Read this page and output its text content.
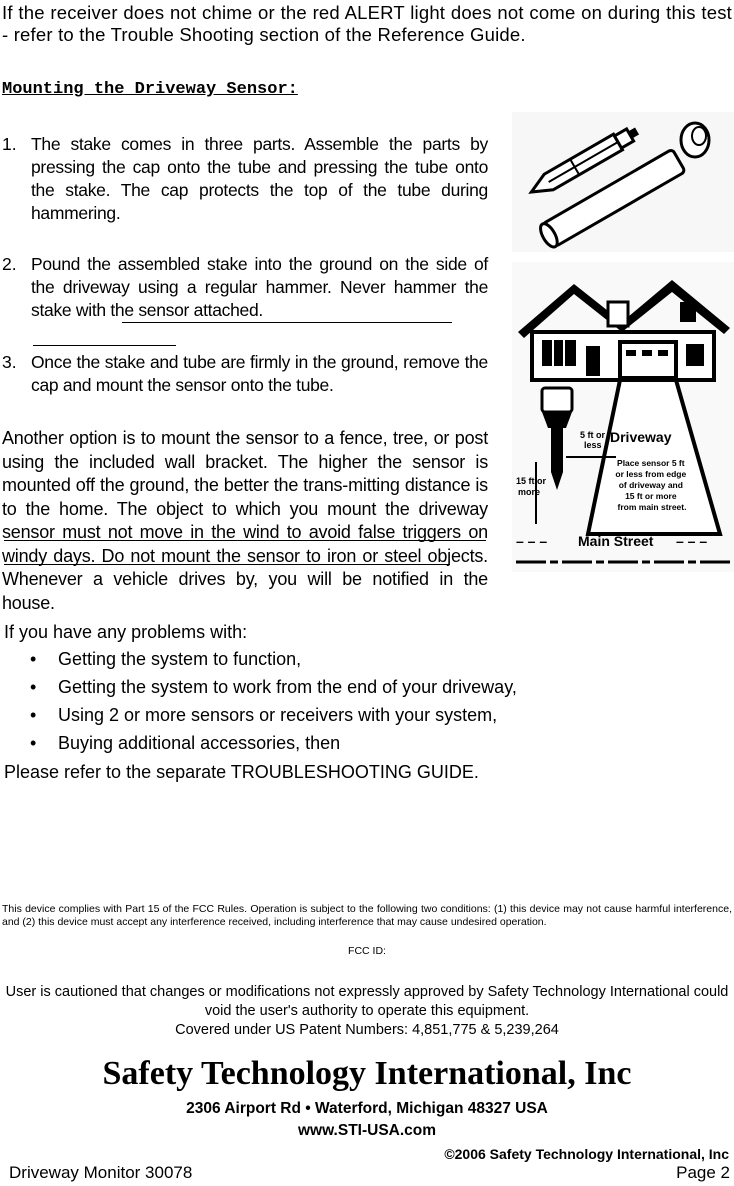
If the receiver does not chime or the red ALERT light does not come on during this test - refer to the Trouble Shooting section of the Reference Guide.
Mounting the Driveway Sensor:
1. The stake comes in three parts. Assemble the parts by pressing the cap onto the tube and pressing the tube onto the stake. The cap protects the top of the tube during hammering.
2. Pound the assembled stake into the ground on the side of the driveway using a regular hammer. Never hammer the stake with the sensor attached.
3. Once the stake and tube are firmly in the ground, remove the cap and mount the sensor onto the tube.
Another option is to mount the sensor to a fence, tree, or post using the included wall bracket. The higher the sensor is mounted off the ground, the better the trans-mitting distance is to the home. The object to which you mount the driveway sensor must not move in the wind to avoid false triggers on windy days. Do not mount the sensor to iron or steel objects. Whenever a vehicle drives by, you will be notified in the house.
If you have any problems with:
• Getting the system to function,
• Getting the system to work from the end of your driveway,
• Using 2 or more sensors or receivers with your system,
• Buying additional accessories, then
Please refer to the separate TROUBLESHOOTING GUIDE.
5 ft or less
15 ft or more
Driveway
Place sensor 5 ft or less from edge of driveway and 15 ft or more from main street.
– – – Main Street – – –
This device complies with Part 15 of the FCC Rules. Operation is subject to the following two conditions: (1) this device may not cause harmful interference, and (2) this device must accept any interference received, including interference that may cause undesired operation.
FCC ID:
User is cautioned that changes or modifications not expressly approved by Safety Technology International could void the user's authority to operate this equipment.
Covered under US Patent Numbers: 4,851,775 & 5,239,264
Safety Technology International, Inc
2306 Airport Rd • Waterford, Michigan 48327 USA
www.STI-USA.com
©2006 Safety Technology International, Inc
Driveway Monitor 30078	Page 2
